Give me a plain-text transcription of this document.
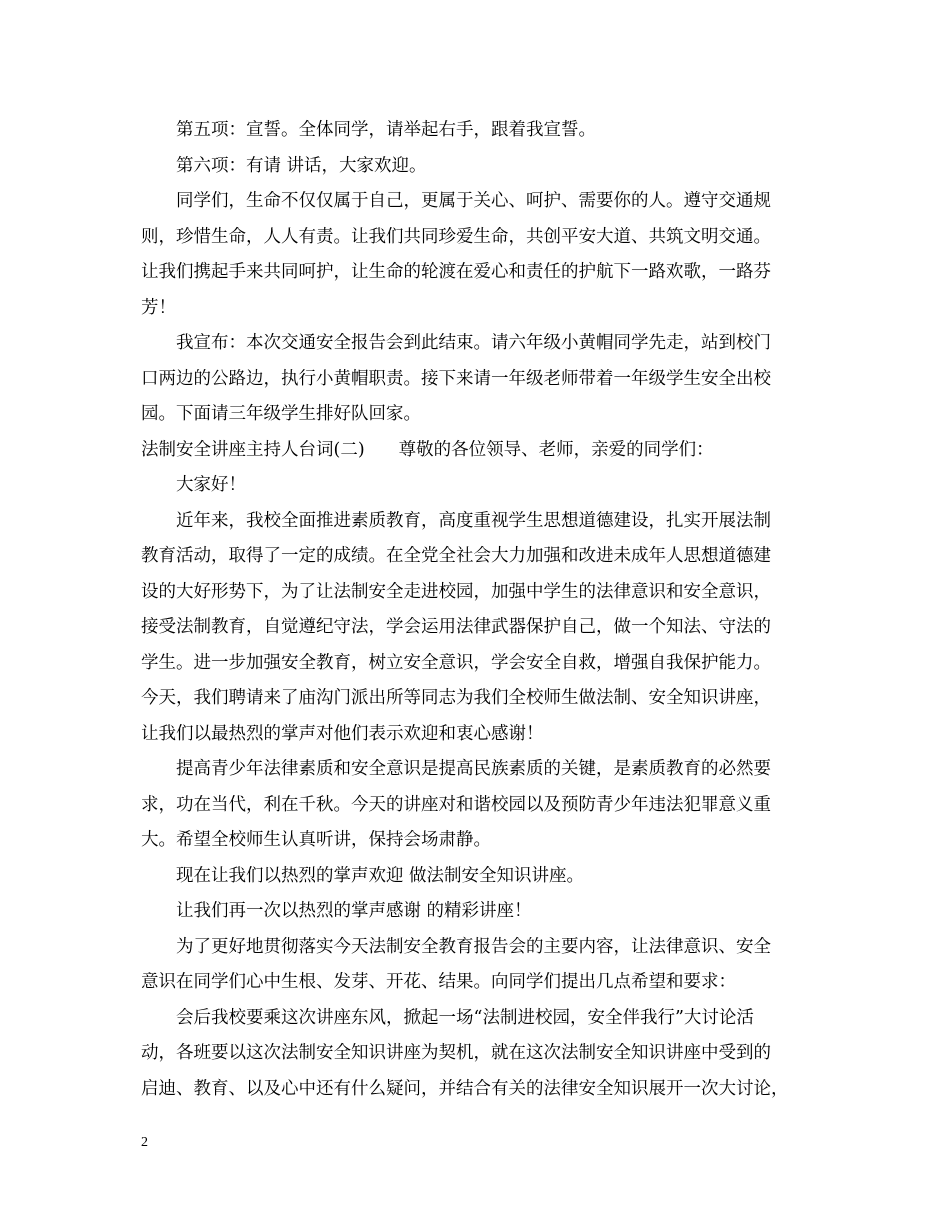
第五项：宣誓。全体同学，请举起右手，跟着我宣誓。
第六项：有请 讲话，大家欢迎。
同学们，生命不仅仅属于自己，更属于关心、呵护、需要你的人。遵守交通规
则，珍惜生命，人人有责。让我们共同珍爱生命，共创平安大道、共筑文明交通。
让我们携起手来共同呵护，让生命的轮渡在爱心和责任的护航下一路欢歌，一路芬
芳！
我宣布：本次交通安全报告会到此结束。请六年级小黄帽同学先走，站到校门
口两边的公路边，执行小黄帽职责。接下来请一年级老师带着一年级学生安全出校
园。下面请三年级学生排好队回家。
法制安全讲座主持人台词(二) 尊敬的各位领导、老师，亲爱的同学们：
大家好！
近年来，我校全面推进素质教育，高度重视学生思想道德建设，扎实开展法制
教育活动，取得了一定的成绩。在全党全社会大力加强和改进未成年人思想道德建
设的大好形势下，为了让法制安全走进校园，加强中学生的法律意识和安全意识，
接受法制教育，自觉遵纪守法，学会运用法律武器保护自己，做一个知法、守法的
学生。进一步加强安全教育，树立安全意识，学会安全自救，增强自我保护能力。
今天，我们聘请来了庙沟门派出所等同志为我们全校师生做法制、安全知识讲座，
让我们以最热烈的掌声对他们表示欢迎和衷心感谢！
提高青少年法律素质和安全意识是提高民族素质的关键，是素质教育的必然要
求，功在当代，利在千秋。今天的讲座对和谐校园以及预防青少年违法犯罪意义重
大。希望全校师生认真听讲，保持会场肃静。
现在让我们以热烈的掌声欢迎 做法制安全知识讲座。
让我们再一次以热烈的掌声感谢 的精彩讲座！
为了更好地贯彻落实今天法制安全教育报告会的主要内容，让法律意识、安全
意识在同学们心中生根、发芽、开花、结果。向同学们提出几点希望和要求：
会后我校要乘这次讲座东风，掀起一场“法制进校园，安全伴我行”大讨论活
动，各班要以这次法制安全知识讲座为契机，就在这次法制安全知识讲座中受到的
启迪、教育、以及心中还有什么疑问，并结合有关的法律安全知识展开一次大讨论，
2
